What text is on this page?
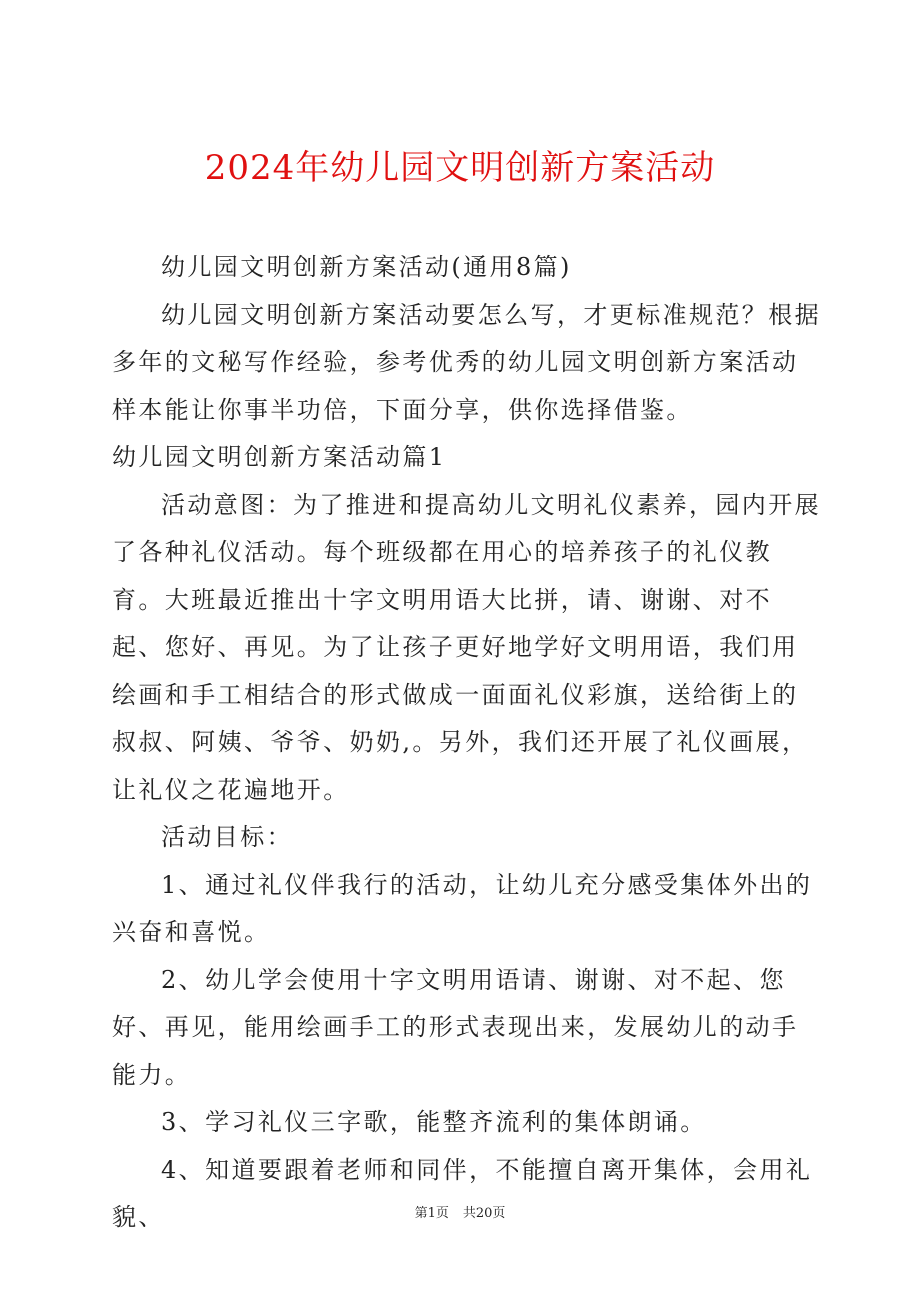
2024年幼儿园文明创新方案活动

幼儿园文明创新方案活动(通用8篇)

幼儿园文明创新方案活动要怎么写，才更标准规范？根据多年的文秘写作经验，参考优秀的幼儿园文明创新方案活动样本能让你事半功倍，下面分享，供你选择借鉴。

幼儿园文明创新方案活动篇1

活动意图：为了推进和提高幼儿文明礼仪素养，园内开展了各种礼仪活动。每个班级都在用心的培养孩子的礼仪教育。大班最近推出十字文明用语大比拼，请、谢谢、对不起、您好、再见。为了让孩子更好地学好文明用语，我们用绘画和手工相结合的形式做成一面面礼仪彩旗，送给街上的叔叔、阿姨、爷爷、奶奶,。另外，我们还开展了礼仪画展，让礼仪之花遍地开。

活动目标：

1、通过礼仪伴我行的活动，让幼儿充分感受集体外出的兴奋和喜悦。

2、幼儿学会使用十字文明用语请、谢谢、对不起、您好、再见，能用绘画手工的形式表现出来，发展幼儿的动手能力。

3、学习礼仪三字歌，能整齐流利的集体朗诵。

4、知道要跟着老师和同伴，不能擅自离开集体，会用礼貌、	第1页 共20页
